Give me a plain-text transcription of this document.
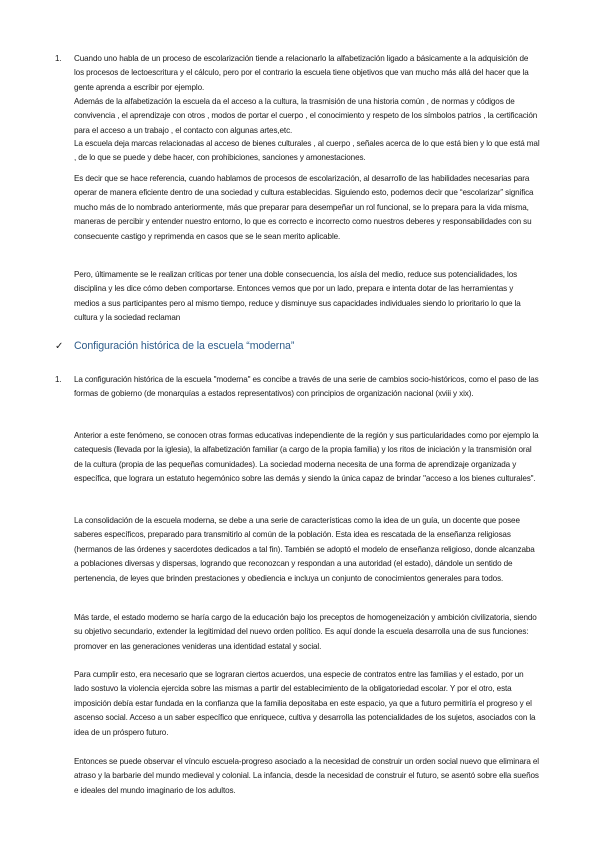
1. Cuando uno habla de un proceso de escolarización tiende a relacionarlo la alfabetización ligado a básicamente a la adquisición de los procesos de lectoescritura y el cálculo, pero por el contrario la escuela tiene objetivos que van mucho más allá del hacer que la gente aprenda a escribir por ejemplo.

Además de la alfabetización la escuela da el acceso a la cultura, la trasmisión de una historia común , de normas y códigos de convivencia , el aprendizaje con otros , modos de portar el cuerpo , el conocimiento y respeto de los símbolos patrios , la certificación para el acceso a un trabajo , el contacto con algunas artes,etc.

La escuela deja marcas relacionadas al acceso de bienes culturales , al cuerpo , señales acerca de lo que está bien y lo que está mal , de lo que se puede y debe hacer, con prohibiciones, sanciones y amonestaciones.

Es decir que se hace referencia, cuando hablamos de procesos de escolarización, al desarrollo de las habilidades necesarias para operar de manera eficiente dentro de una sociedad y cultura establecidas. Siguiendo esto, podemos decir que “escolarizar” significa mucho más de lo nombrado anteriormente, más que preparar para desempeñar un rol funcional, se lo prepara para la vida misma, maneras de percibir y entender nuestro entorno, lo que es correcto e incorrecto como nuestros deberes y responsabilidades con su consecuente castigo y reprimenda en casos que se le sean merito aplicable.

Pero, últimamente se le realizan críticas por tener una doble consecuencia, los aísla del medio, reduce sus potencialidades, los disciplina y les dice cómo deben comportarse. Entonces vemos que por un lado, prepara e intenta dotar de las herramientas y medios a sus participantes pero al mismo tiempo, reduce y disminuye sus capacidades individuales siendo lo prioritario lo que la cultura y la sociedad reclaman

✓ Configuración histórica de la escuela “moderna”
1. La configuración histórica de la escuela "moderna" es concibe a través de una serie de cambios socio-históricos, como el paso de las formas de gobierno (de monarquías a estados representativos) con principios de organización nacional (xviii y xix).

Anterior a este fenómeno, se conocen otras formas educativas independiente de la región y sus particularidades como por ejemplo la catequesis (llevada por la iglesia), la alfabetización familiar (a cargo de la propia familia) y los ritos de iniciación y la transmisión oral de la cultura (propia de las pequeñas comunidades). La sociedad moderna necesita de una forma de aprendizaje organizada y específica, que lograra un estatuto hegemónico sobre las demás y siendo la única capaz de brindar "acceso a los bienes culturales".

La consolidación de la escuela moderna, se debe a una serie de características como la idea de un guía, un docente que posee saberes específicos, preparado para transmitirlo al común de la población. Esta idea es rescatada de la enseñanza religiosas (hermanos de las órdenes y sacerdotes dedicados a tal fin). También se adoptó el modelo de enseñanza religioso, donde alcanzaba a poblaciones diversas y dispersas, logrando que reconozcan y respondan a una autoridad (el estado), dándole un sentido de pertenencia, de leyes que brinden prestaciones y obediencia e incluya un conjunto de conocimientos generales para todos.

Más tarde, el estado moderno se haría cargo de la educación bajo los preceptos de homogeneización y ambición civilizatoria, siendo su objetivo secundario, extender la legitimidad del nuevo orden político. Es aquí donde la escuela desarrolla una de sus funciones: promover en las generaciones venideras una identidad estatal y social.

Para cumplir esto, era necesario que se lograran ciertos acuerdos, una especie de contratos entre las familias y el estado, por un lado sostuvo la violencia ejercida sobre las mismas a partir del establecimiento de la obligatoriedad escolar. Y por el otro, esta imposición debía estar fundada en la confianza que la familia depositaba en este espacio, ya que a futuro permitiría el progreso y el ascenso social. Acceso a un saber específico que enriquece, cultiva y desarrolla las potencialidades de los sujetos, asociados con la idea de un próspero futuro.

Entonces se puede observar el vínculo escuela-progreso asociado a la necesidad de construir un orden social nuevo que eliminara el atraso y la barbarie del mundo medieval y colonial. La infancia, desde la necesidad de construir el futuro, se asentó sobre ella sueños e ideales del mundo imaginario de los adultos.
